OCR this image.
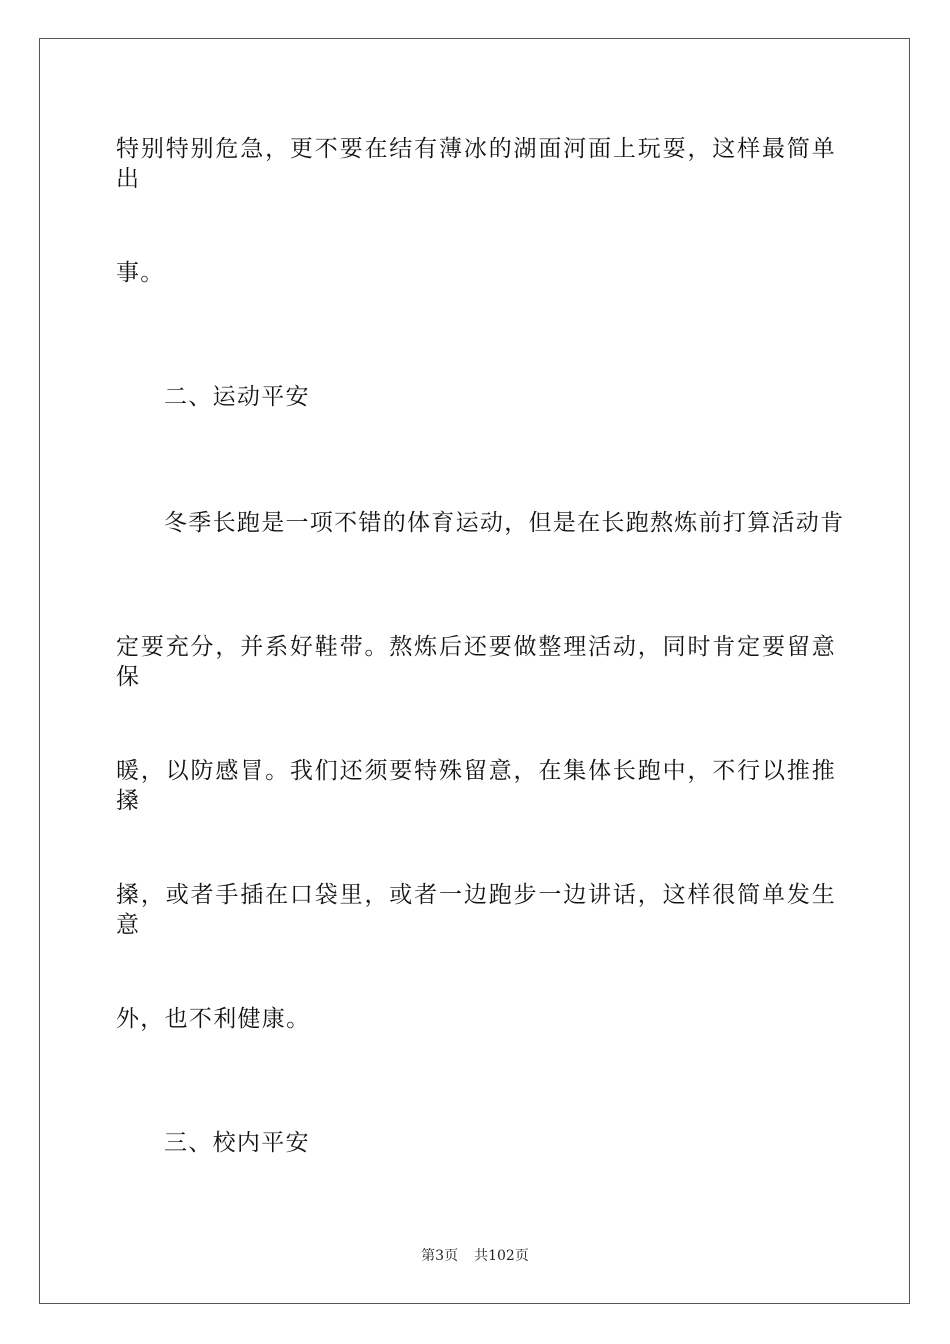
特别特别危急，更不要在结有薄冰的湖面河面上玩耍，这样最简单出
事。
二、运动平安
冬季长跑是一项不错的体育运动，但是在长跑熬炼前打算活动肯
定要充分，并系好鞋带。熬炼后还要做整理活动，同时肯定要留意保
暖，以防感冒。我们还须要特殊留意，在集体长跑中，不行以推推搡
搡，或者手插在口袋里，或者一边跑步一边讲话，这样很简单发生意
外，也不利健康。
三、校内平安
第3页 共102页
